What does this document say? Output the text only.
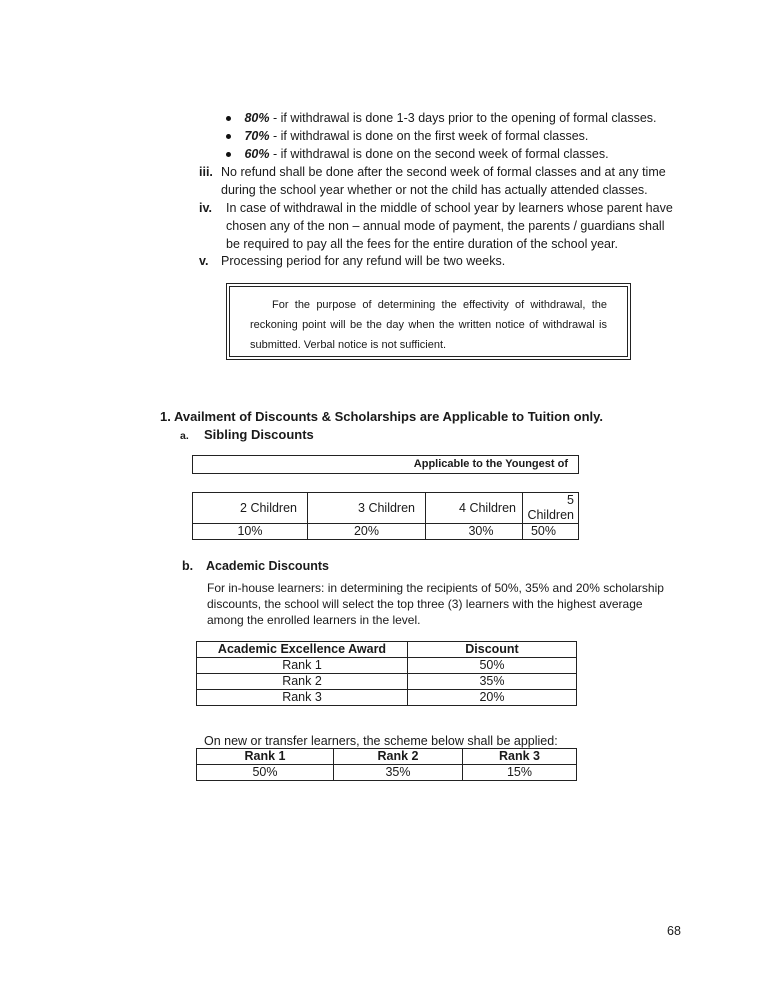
80% - if withdrawal is done 1-3 days prior to the opening of formal classes.
70% - if withdrawal is done on the first week of formal classes.
60% - if withdrawal is done on the second week of formal classes.
iii. No refund shall be done after the second week of formal classes and at any time
during the school year whether or not the child has actually attended classes.
iv. In case of withdrawal in the middle of school year by learners whose parent have
chosen any of the non – annual mode of payment, the parents / guardians shall
be required to pay all the fees for the entire duration of the school year.
v. Processing period for any refund will be two weeks.

For the purpose of determining the effectivity of withdrawal, the reckoning point will be the day when the written notice of withdrawal is submitted. Verbal notice is not sufficient.

1. Availment of Discounts & Scholarships are Applicable to Tuition only.
a. Sibling Discounts
Applicable to the Youngest of
2 Children	3 Children	4 Children	5 Children
10%	20%	30%	50%
b. Academic Discounts
For in-house learners: in determining the recipients of 50%, 35% and 20% scholarship
discounts, the school will select the top three (3) learners with the highest average
among the enrolled learners in the level.
Academic Excellence Award	Discount
Rank 1	50%
Rank 2	35%
Rank 3	20%
On new or transfer learners, the scheme below shall be applied:
Rank 1	Rank 2	Rank 3
50%	35%	15%
68
